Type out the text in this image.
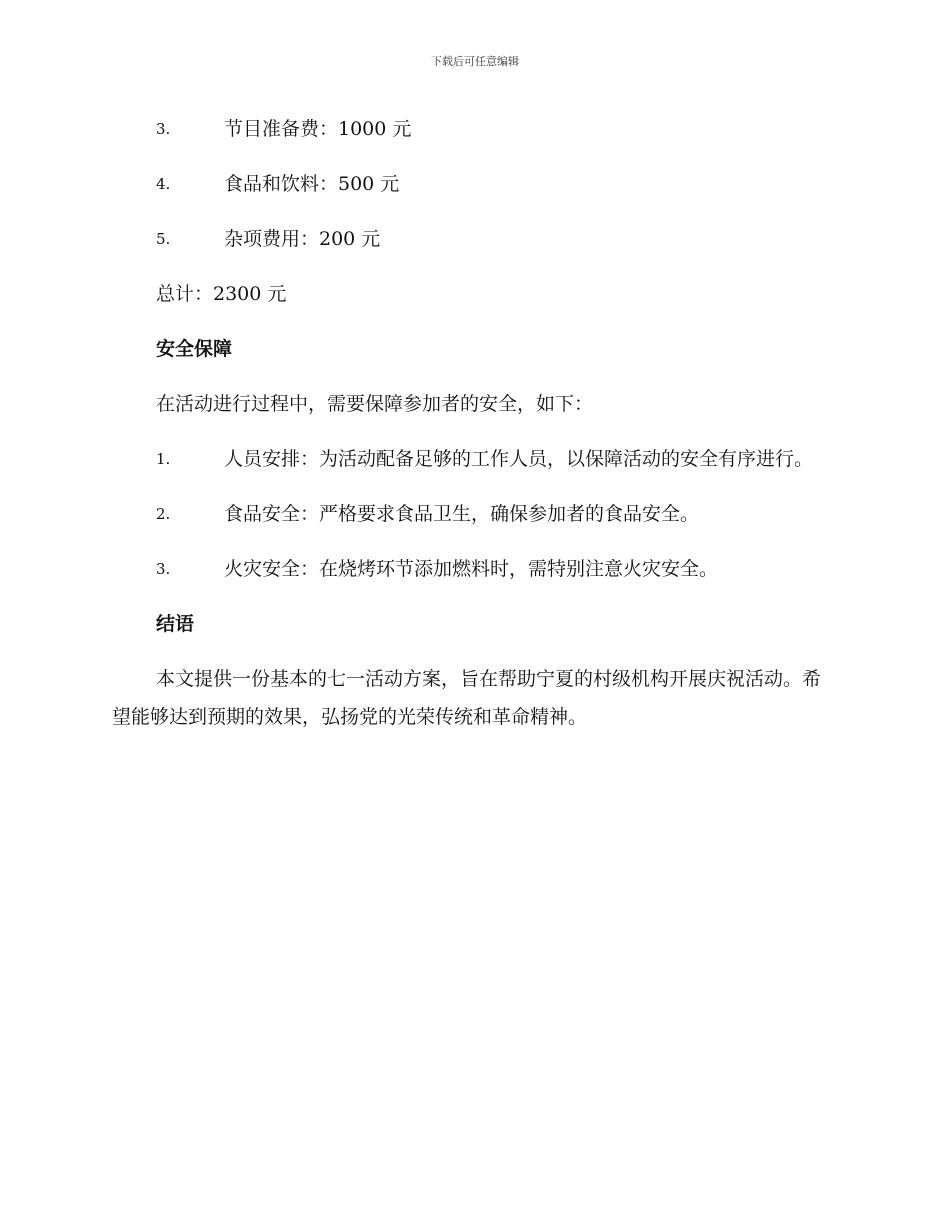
下载后可任意编辑
3.	节目准备费：1000 元
4.	食品和饮料：500 元
5.	杂项费用：200 元

总计：2300 元

安全保障

在活动进行过程中，需要保障参加者的安全，如下：

1.	人员安排：为活动配备足够的工作人员，以保障活动的安全有序进行。
2.	食品安全：严格要求食品卫生，确保参加者的食品安全。
3.	火灾安全：在烧烤环节添加燃料时，需特别注意火灾安全。

结语

本文提供一份基本的七一活动方案，旨在帮助宁夏的村级机构开展庆祝活动。希望能够达到预期的效果，弘扬党的光荣传统和革命精神。
